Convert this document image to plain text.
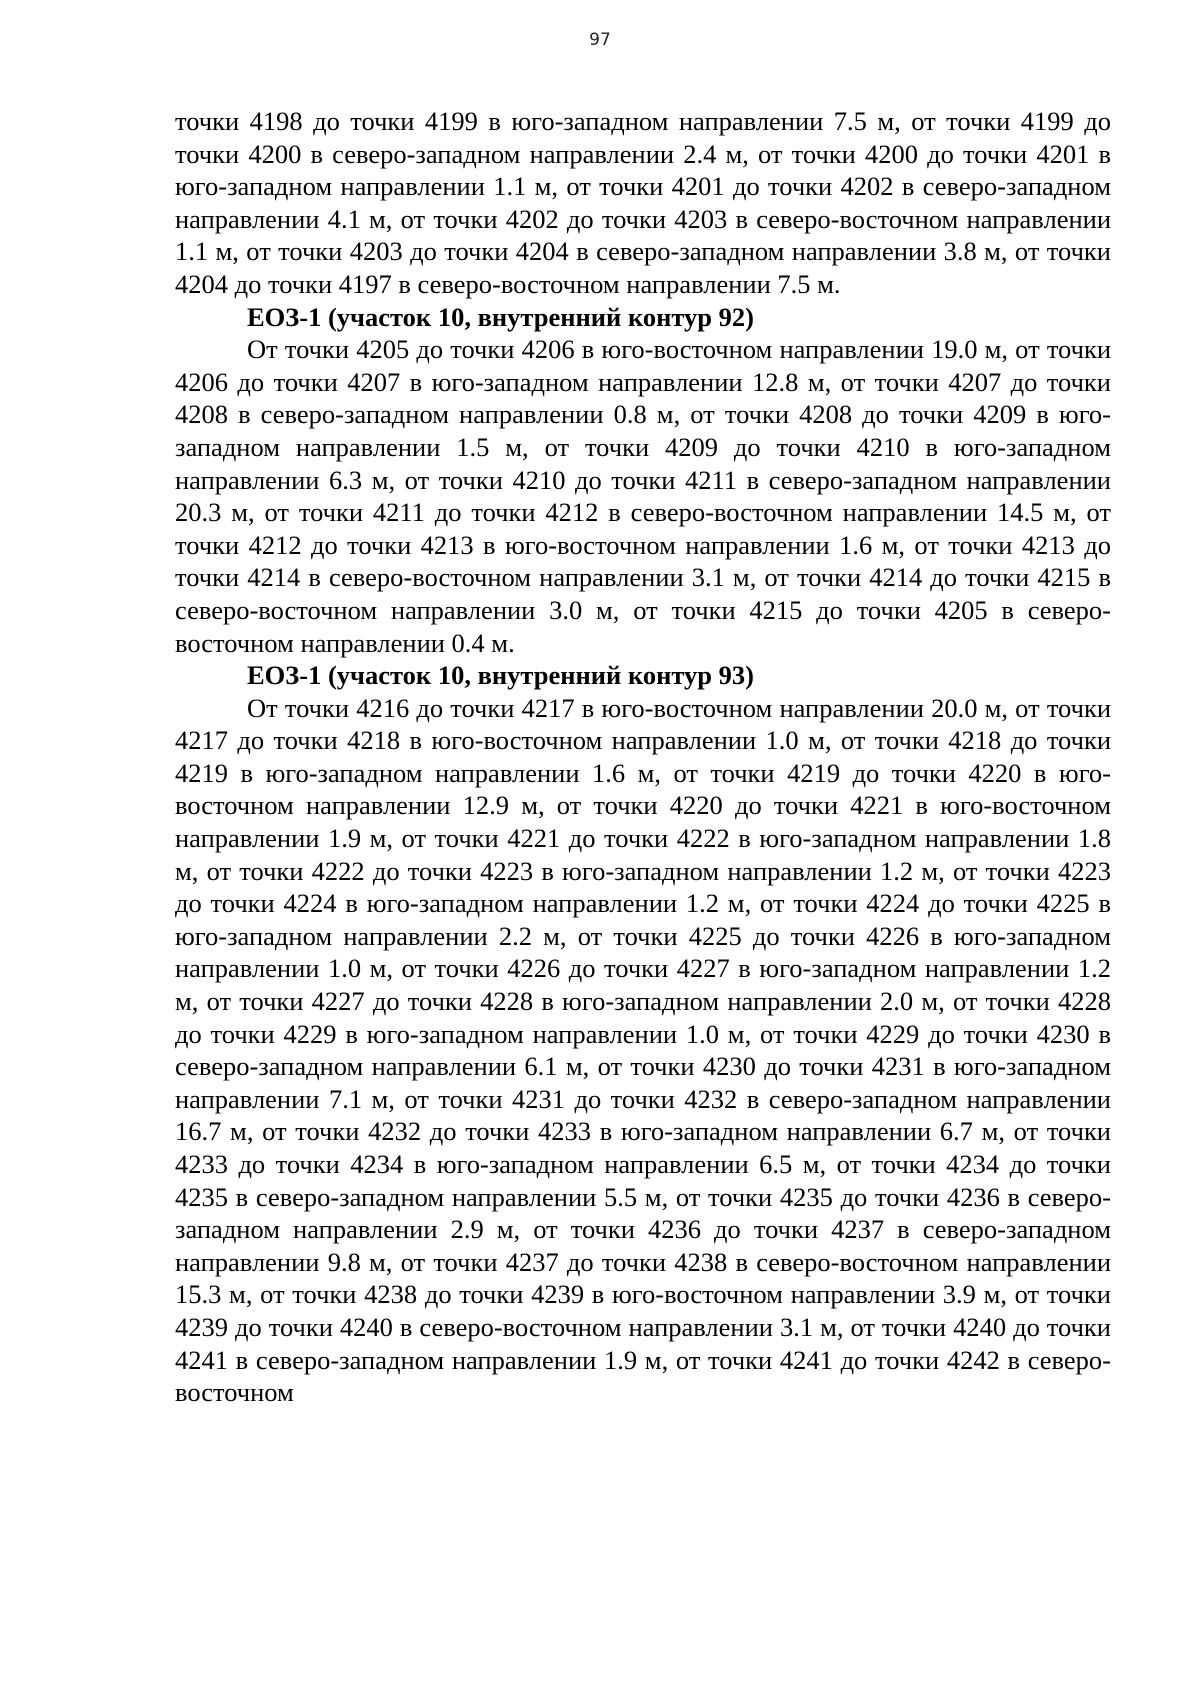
97

точки 4198 до точки 4199 в юго-западном направлении 7.5 м, от точки 4199 до точки 4200 в северо-западном направлении 2.4 м, от точки 4200 до точки 4201 в юго-западном направлении 1.1 м, от точки 4201 до точки 4202 в северо-западном направлении 4.1 м, от точки 4202 до точки 4203 в северо-восточном направлении 1.1 м, от точки 4203 до точки 4204 в северо-западном направлении 3.8 м, от точки 4204 до точки 4197 в северо-восточном направлении 7.5 м.

ЕОЗ-1 (участок 10, внутренний контур 92)

От точки 4205 до точки 4206 в юго-восточном направлении 19.0 м, от точки 4206 до точки 4207 в юго-западном направлении 12.8 м, от точки 4207 до точки 4208 в северо-западном направлении 0.8 м, от точки 4208 до точки 4209 в юго-западном направлении 1.5 м, от точки 4209 до точки 4210 в юго-западном направлении 6.3 м, от точки 4210 до точки 4211 в северо-западном направлении 20.3 м, от точки 4211 до точки 4212 в северо-восточном направлении 14.5 м, от точки 4212 до точки 4213 в юго-восточном направлении 1.6 м, от точки 4213 до точки 4214 в северо-восточном направлении 3.1 м, от точки 4214 до точки 4215 в северо-восточном направлении 3.0 м, от точки 4215 до точки 4205 в северо-восточном направлении 0.4 м.

ЕОЗ-1 (участок 10, внутренний контур 93)

От точки 4216 до точки 4217 в юго-восточном направлении 20.0 м, от точки 4217 до точки 4218 в юго-восточном направлении 1.0 м, от точки 4218 до точки 4219 в юго-западном направлении 1.6 м, от точки 4219 до точки 4220 в юго-восточном направлении 12.9 м, от точки 4220 до точки 4221 в юго-восточном направлении 1.9 м, от точки 4221 до точки 4222 в юго-западном направлении 1.8 м, от точки 4222 до точки 4223 в юго-западном направлении 1.2 м, от точки 4223 до точки 4224 в юго-западном направлении 1.2 м, от точки 4224 до точки 4225 в юго-западном направлении 2.2 м, от точки 4225 до точки 4226 в юго-западном направлении 1.0 м, от точки 4226 до точки 4227 в юго-западном направлении 1.2 м, от точки 4227 до точки 4228 в юго-западном направлении 2.0 м, от точки 4228 до точки 4229 в юго-западном направлении 1.0 м, от точки 4229 до точки 4230 в северо-западном направлении 6.1 м, от точки 4230 до точки 4231 в юго-западном направлении 7.1 м, от точки 4231 до точки 4232 в северо-западном направлении 16.7 м, от точки 4232 до точки 4233 в юго-западном направлении 6.7 м, от точки 4233 до точки 4234 в юго-западном направлении 6.5 м, от точки 4234 до точки 4235 в северо-западном направлении 5.5 м, от точки 4235 до точки 4236 в северо-западном направлении 2.9 м, от точки 4236 до точки 4237 в северо-западном направлении 9.8 м, от точки 4237 до точки 4238 в северо-восточном направлении 15.3 м, от точки 4238 до точки 4239 в юго-восточном направлении 3.9 м, от точки 4239 до точки 4240 в северо-восточном направлении 3.1 м, от точки 4240 до точки 4241 в северо-западном направлении 1.9 м, от точки 4241 до точки 4242 в северо-восточном
